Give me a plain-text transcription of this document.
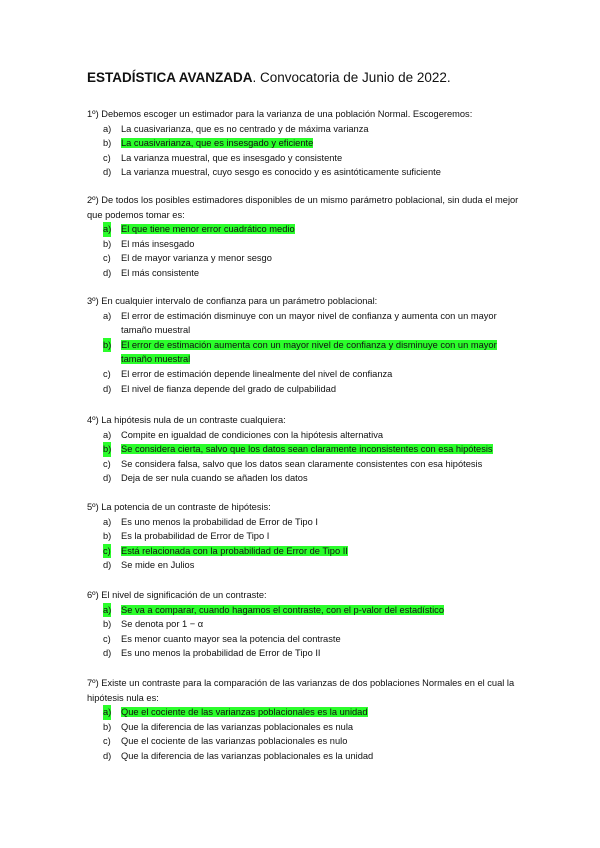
ESTADÍSTICA AVANZADA. Convocatoria de Junio de 2022.
1º) Debemos escoger un estimador para la varianza de una población Normal. Escogeremos:
a) La cuasivarianza, que es no centrado y de máxima varianza
b) La cuasivarianza, que es insesgado y eficiente
c) La varianza muestral, que es insesgado y consistente
d) La varianza muestral, cuyo sesgo es conocido y es asintóticamente suficiente
2º) De todos los posibles estimadores disponibles de un mismo parámetro poblacional, sin duda el mejor que podemos tomar es:
a) El que tiene menor error cuadrático medio
b) El más insesgado
c) El de mayor varianza y menor sesgo
d) El más consistente
3º) En cualquier intervalo de confianza para un parámetro poblacional:
a) El error de estimación disminuye con un mayor nivel de confianza y aumenta con un mayor tamaño muestral
b) El error de estimación aumenta con un mayor nivel de confianza y disminuye con un mayor tamaño muestral
c) El error de estimación depende linealmente del nivel de confianza
d) El nivel de fianza depende del grado de culpabilidad
4º) La hipótesis nula de un contraste cualquiera:
a) Compite en igualdad de condiciones con la hipótesis alternativa
b) Se considera cierta, salvo que los datos sean claramente inconsistentes con esa hipótesis
c) Se considera falsa, salvo que los datos sean claramente consistentes con esa hipótesis
d) Deja de ser nula cuando se añaden los datos
5º) La potencia de un contraste de hipótesis:
a) Es uno menos la probabilidad de Error de Tipo I
b) Es la probabilidad de Error de Tipo I
c) Está relacionada con la probabilidad de Error de Tipo II
d) Se mide en Julios
6º) El nivel de significación de un contraste:
a) Se va a comparar, cuando hagamos el contraste, con el p-valor del estadístico
b) Se denota por 1 − α
c) Es menor cuanto mayor sea la potencia del contraste
d) Es uno menos la probabilidad de Error de Tipo II
7º) Existe un contraste para la comparación de las varianzas de dos poblaciones Normales en el cual la hipótesis nula es:
a) Que el cociente de las varianzas poblacionales es la unidad
b) Que la diferencia de las varianzas poblacionales es nula
c) Que el cociente de las varianzas poblacionales es nulo
d) Que la diferencia de las varianzas poblacionales es la unidad
